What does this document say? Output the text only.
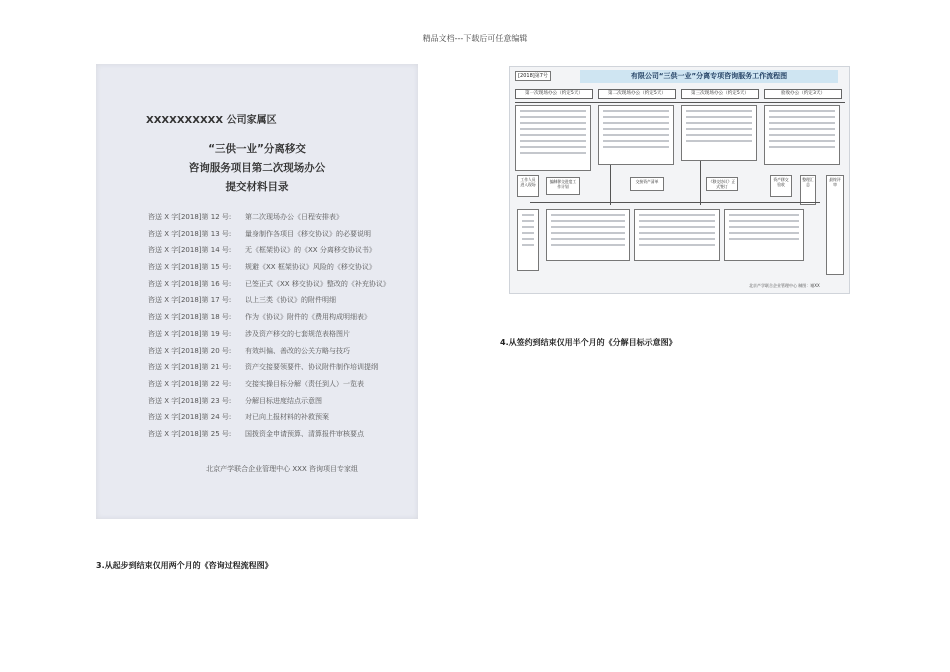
精品文档---下载后可任意编辑
XXXXXXXXXX 公司家属区
“三供一业”分离移交
咨询服务项目第二次现场办公
提交材料目录
咨送 X 字[2018]第 12 号: 第二次现场办公《日程安排表》
咨送 X 字[2018]第 13 号: 量身制作各项目《移交协议》的必要说明
咨送 X 字[2018]第 14 号: 无《框架协议》的《XX 分离移交协议书》
咨送 X 字[2018]第 15 号: 规避《XX 框架协议》风险的《移交协议》
咨送 X 字[2018]第 16 号: 已签正式《XX 移交协议》整改的《补充协议》
咨送 X 字[2018]第 17 号: 以上三类《协议》的附件明细
咨送 X 字[2018]第 18 号: 作为《协议》附件的《费用构成明细表》
咨送 X 字[2018]第 19 号: 涉及资产移交的七套规范表格图片
咨送 X 字[2018]第 20 号: 有效纠偏、善改的公关方略与技巧
咨送 X 字[2018]第 21 号: 资产交接要领要件、协议附件制作培训提纲
咨送 X 字[2018]第 22 号: 交接实操目标分解（责任到人）一览表
咨送 X 字[2018]第 23 号: 分解目标进度结点示意图
咨送 X 字[2018]第 24 号: 对已向上报材料的补救预案
咨送 X 字[2018]第 25 号: 国拨资金申请预算、清算报件审核要点
北京产学联合企业管理中心 XXX 咨询项目专家组
[2018]第7号	有限公司“三供一业”分离专项咨询服务工作流程图
第一次现场办公（约定5天）	第二次现场办公（约定5天）	第三次现场办公（约定5天）	验收办公（约定3天）
工作人员进入现场
编制移交进度工作计划
交接资产清单	《移交协议》正式签订
资产移交验收
整理汇总
最终评审
北京产学联合企业管理中心 制图：谢XX
4.从签约到结束仅用半个月的《分解目标示意图》
3.从起步到结束仅用两个月的《咨询过程流程图》
